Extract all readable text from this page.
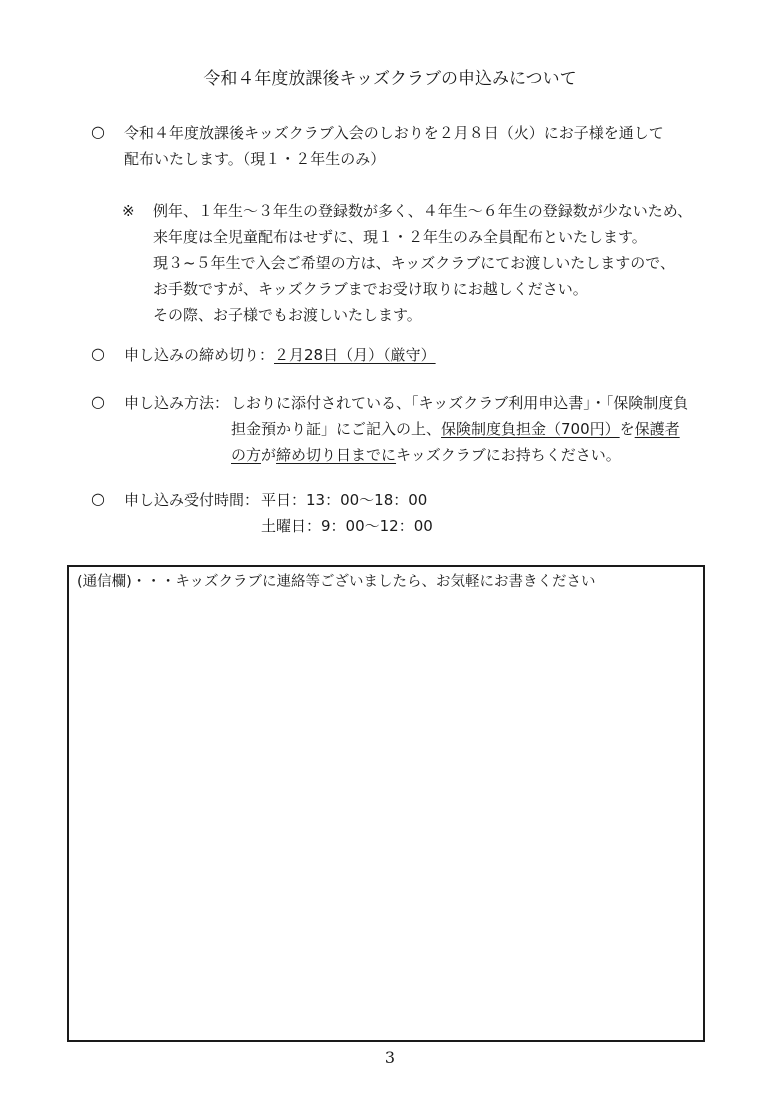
令和４年度放課後キッズクラブの申込みについて
○ 令和４年度放課後キッズクラブ入会のしおりを２月８日（火）にお子様を通して
配布いたします。（現１・２年生のみ）
※ 例年、１年生～３年生の登録数が多く、４年生～６年生の登録数が少ないため、
来年度は全児童配布はせずに、現１・２年生のみ全員配布といたします。
現３~５年生で入会ご希望の方は、キッズクラブにてお渡しいたしますので、
お手数ですが、キッズクラブまでお受け取りにお越しください。
その際、お子様でもお渡しいたします。
○ 申し込みの締め切り：２月28日（月）（厳守）
○ 申し込み方法： しおりに添付されている、「キッズクラブ利用申込書」・「保険制度負
担金預かり証」にご記入の上、保険制度負担金（700円）を保護者
の方が締め切り日までにキッズクラブにお持ちください。
○ 申し込み受付時間： 平日：13：00～18：00
土曜日：9：00～12：00
(通信欄)・・・キッズクラブに連絡等ございましたら、お気軽にお書きください
3
